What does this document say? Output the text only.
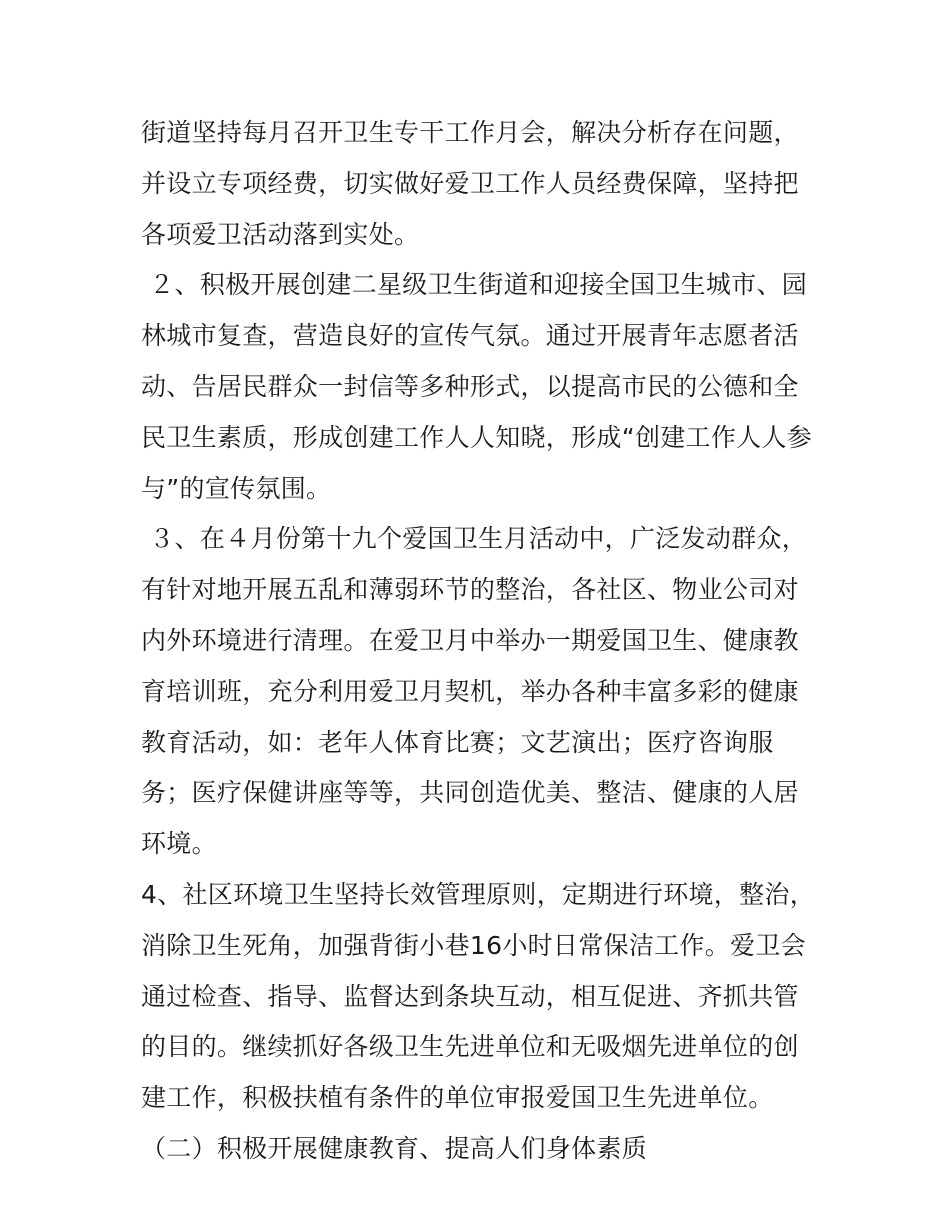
街道坚持每月召开卫生专干工作月会，解决分析存在问题，并设立专项经费，切实做好爱卫工作人员经费保障，坚持把各项爱卫活动落到实处。

２、积极开展创建二星级卫生街道和迎接全国卫生城市、园林城市复查，营造良好的宣传气氛。通过开展青年志愿者活动、告居民群众一封信等多种形式，以提高市民的公德和全民卫生素质，形成创建工作人人知晓，形成“创建工作人人参与”的宣传氛围。

３、在４月份第十九个爱国卫生月活动中，广泛发动群众，有针对地开展五乱和薄弱环节的整治，各社区、物业公司对内外环境进行清理。在爱卫月中举办一期爱国卫生、健康教育培训班，充分利用爱卫月契机，举办各种丰富多彩的健康教育活动，如：老年人体育比赛；文艺演出；医疗咨询服务；医疗保健讲座等等，共同创造优美、整洁、健康的人居环境。

4、社区环境卫生坚持长效管理原则，定期进行环境，整治，消除卫生死角，加强背街小巷16小时日常保洁工作。爱卫会通过检查、指导、监督达到条块互动，相互促进、齐抓共管的目的。继续抓好各级卫生先进单位和无吸烟先进单位的创建工作，积极扶植有条件的单位审报爱国卫生先进单位。

（二）积极开展健康教育、提高人们身体素质
